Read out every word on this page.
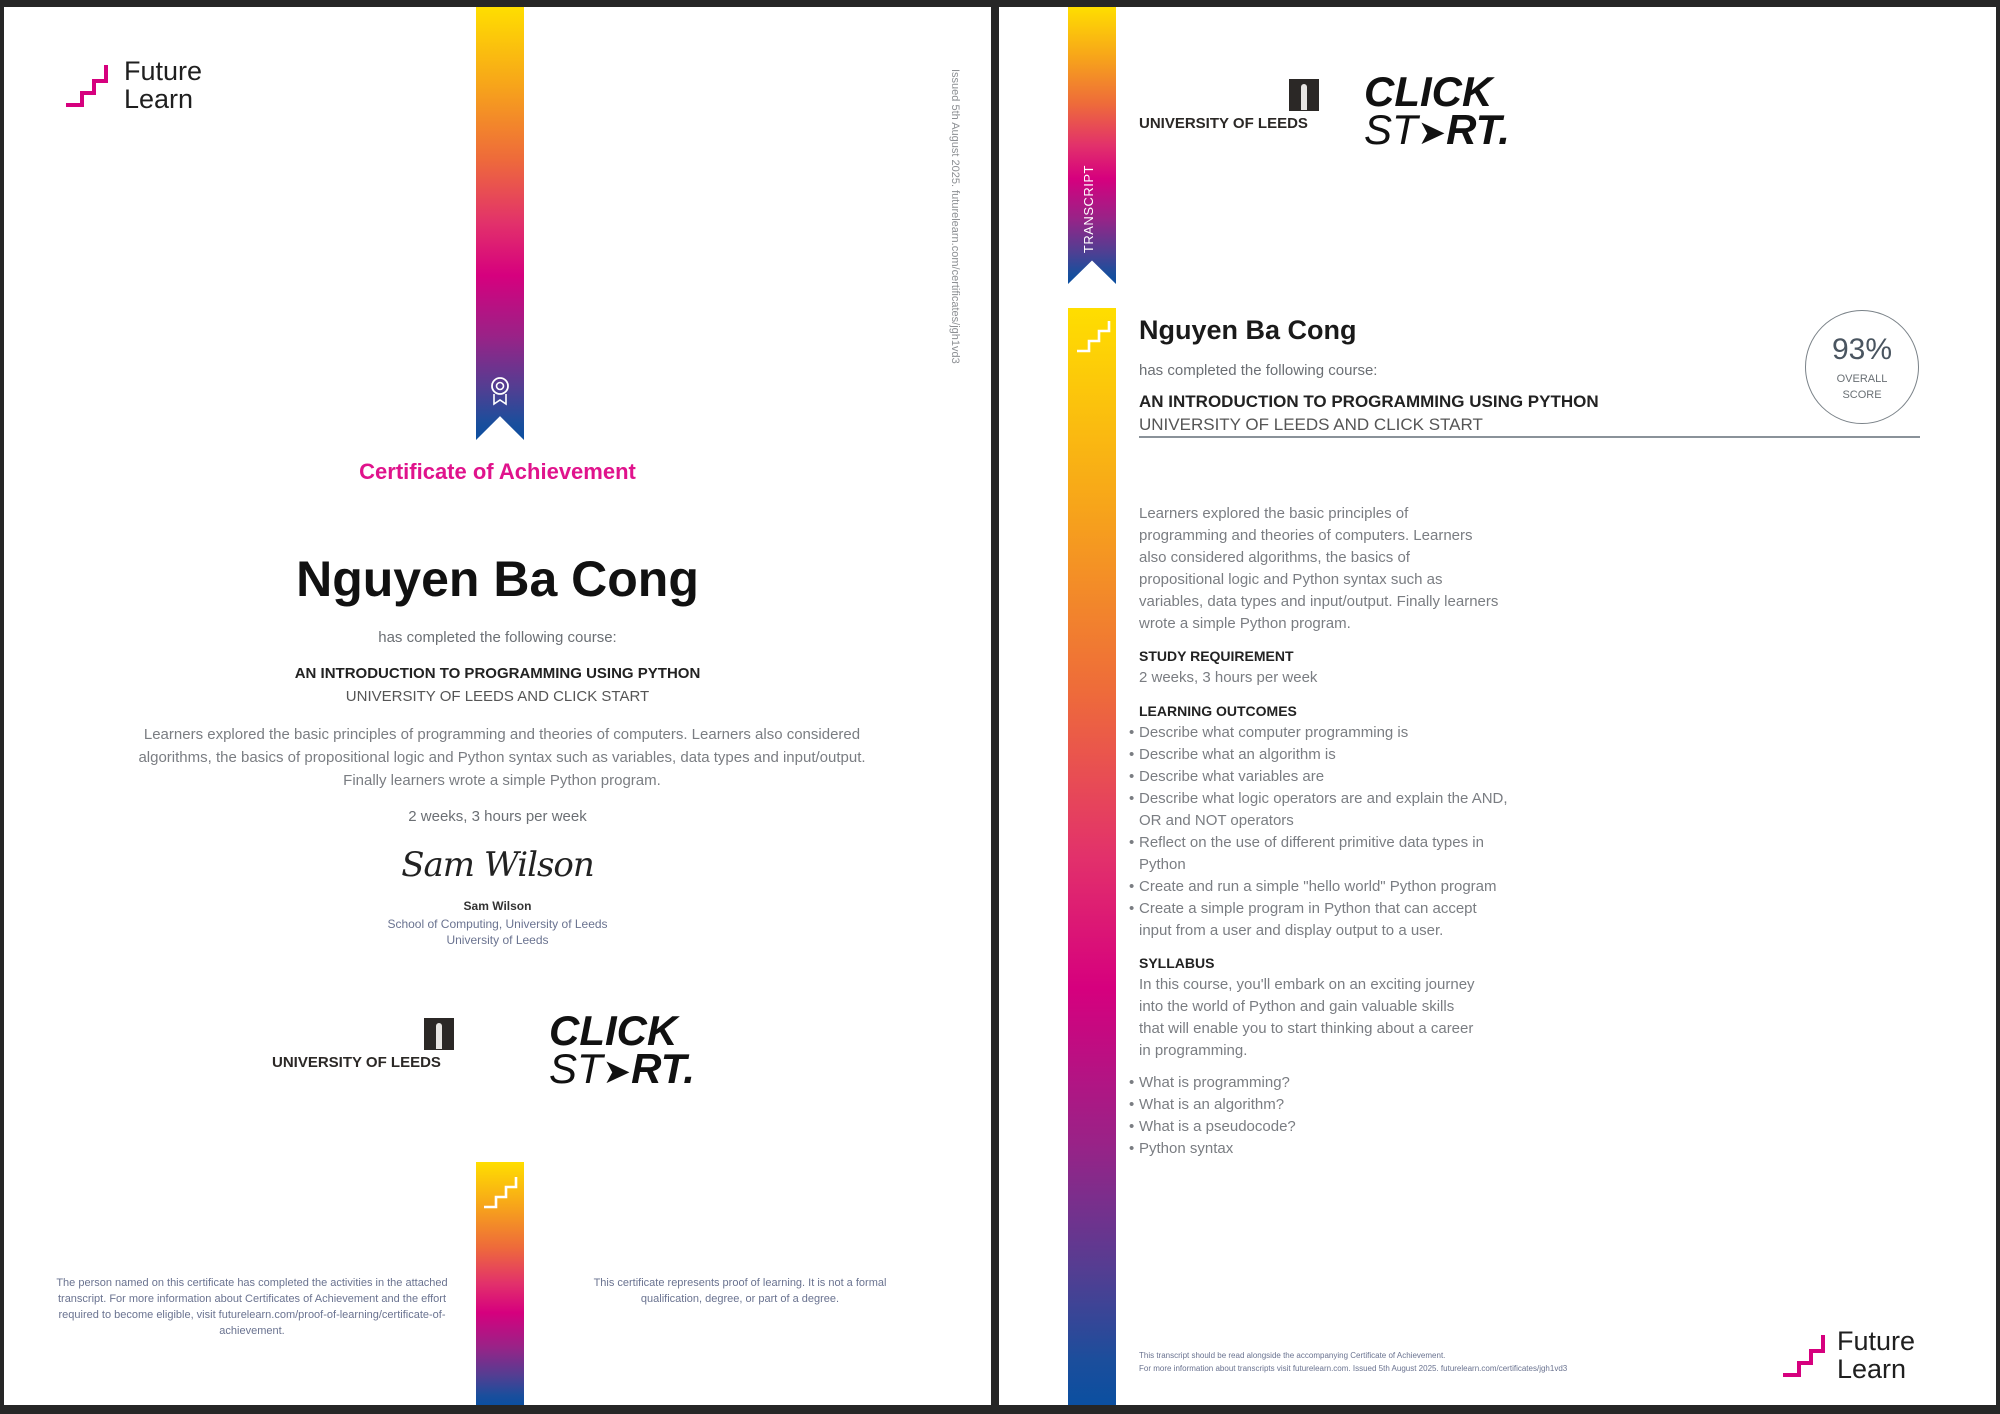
Future
Learn	Issued 5th August 2025. futurelearn.com/certificates/jgh1vd3
Certificate of Achievement
Nguyen Ba Cong
has completed the following course:
AN INTRODUCTION TO PROGRAMMING USING PYTHON
UNIVERSITY OF LEEDS AND CLICK START
Learners explored the basic principles of programming and theories of computers. Learners also considered algorithms, the basics of propositional logic and Python syntax such as variables, data types and input/output. Finally learners wrote a simple Python program.
2 weeks, 3 hours per week
Sam Wilson
Sam Wilson
School of Computing, University of Leeds
University of Leeds
UNIVERSITY OF LEEDS
CLICK
ST➤RT.
The person named on this certificate has completed the activities in the attached transcript. For more information about Certificates of Achievement and the effort required to become eligible, visit futurelearn.com/proof-of-learning/certificate-of-achievement.
This certificate represents proof of learning. It is not a formal qualification, degree, or part of a degree.
TRANSCRIPT
UNIVERSITY OF LEEDS
CLICK
ST➤RT.
Nguyen Ba Cong
has completed the following course:
AN INTRODUCTION TO PROGRAMMING USING PYTHON
UNIVERSITY OF LEEDS AND CLICK START
93%
OVERALL
SCORE
Learners explored the basic principles of programming and theories of computers. Learners also considered algorithms, the basics of propositional logic and Python syntax such as variables, data types and input/output. Finally learners wrote a simple Python program.
STUDY REQUIREMENT
2 weeks, 3 hours per week
LEARNING OUTCOMES
• Describe what computer programming is
• Describe what an algorithm is
• Describe what variables are
• Describe what logic operators are and explain the AND, OR and NOT operators
• Reflect on the use of different primitive data types in Python
• Create and run a simple "hello world" Python program
• Create a simple program in Python that can accept input from a user and display output to a user.
SYLLABUS
In this course, you'll embark on an exciting journey into the world of Python and gain valuable skills that will enable you to start thinking about a career in programming.
• What is programming?
• What is an algorithm?
• What is a pseudocode?
• Python syntax
This transcript should be read alongside the accompanying Certificate of Achievement.
For more information about transcripts visit futurelearn.com. Issued 5th August 2025. futurelearn.com/certificates/jgh1vd3
Future
Learn
